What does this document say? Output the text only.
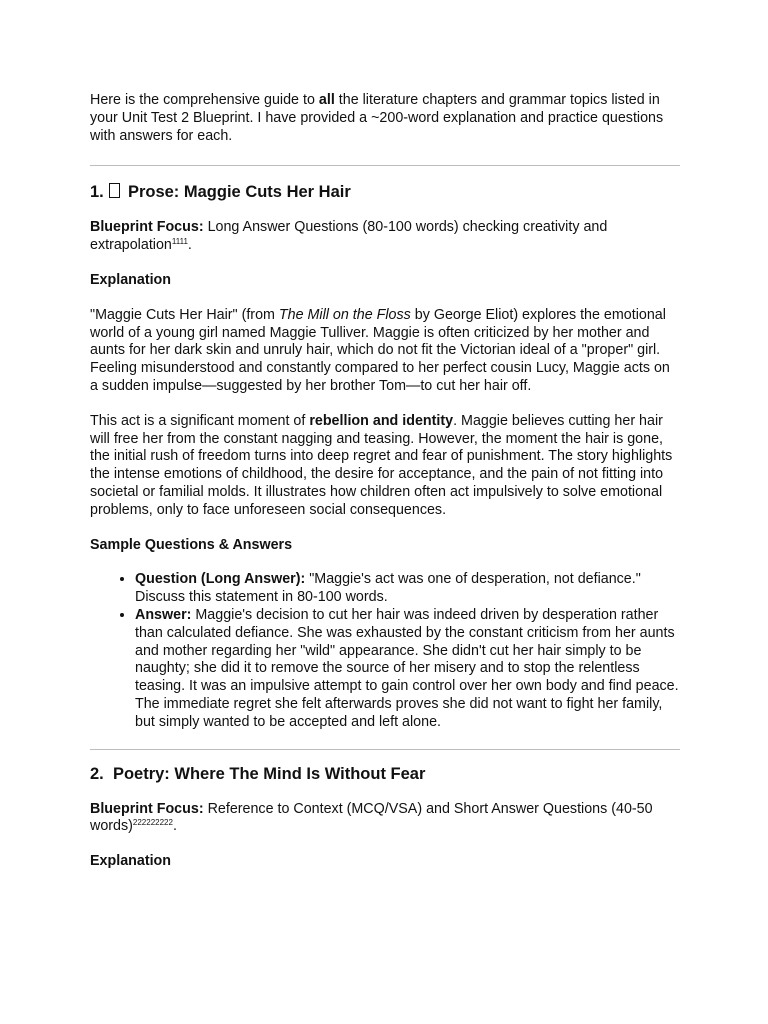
Here is the comprehensive guide to all the literature chapters and grammar topics listed in your Unit Test 2 Blueprint. I have provided a ~200-word explanation and practice questions with answers for each.

1. Prose: Maggie Cuts Her Hair

Blueprint Focus: Long Answer Questions (80-100 words) checking creativity and extrapolation$^{1111}$.

Explanation

"Maggie Cuts Her Hair" (from The Mill on the Floss by George Eliot) explores the emotional world of a young girl named Maggie Tulliver. Maggie is often criticized by her mother and aunts for her dark skin and unruly hair, which do not fit the Victorian ideal of a "proper" girl. Feeling misunderstood and constantly compared to her perfect cousin Lucy, Maggie acts on a sudden impulse—suggested by her brother Tom—to cut her hair off.

This act is a significant moment of rebellion and identity. Maggie believes cutting her hair will free her from the constant nagging and teasing. However, the moment the hair is gone, the initial rush of freedom turns into deep regret and fear of punishment. The story highlights the intense emotions of childhood, the desire for acceptance, and the pain of not fitting into societal or familial molds. It illustrates how children often act impulsively to solve emotional problems, only to face unforeseen social consequences.

Sample Questions & Answers

• Question (Long Answer): "Maggie's act was one of desperation, not defiance." Discuss this statement in 80-100 words.
• Answer: Maggie's decision to cut her hair was indeed driven by desperation rather than calculated defiance. She was exhausted by the constant criticism from her aunts and mother regarding her "wild" appearance. She didn't cut her hair simply to be naughty; she did it to remove the source of her misery and to stop the relentless teasing. It was an impulsive attempt to gain control over her own body and find peace. The immediate regret she felt afterwards proves she did not want to fight her family, but simply wanted to be accepted and left alone.
2. Poetry: Where The Mind Is Without Fear

Blueprint Focus: Reference to Context (MCQ/VSA) and Short Answer Questions (40-50 words)$^{222222222}$.

Explanation
